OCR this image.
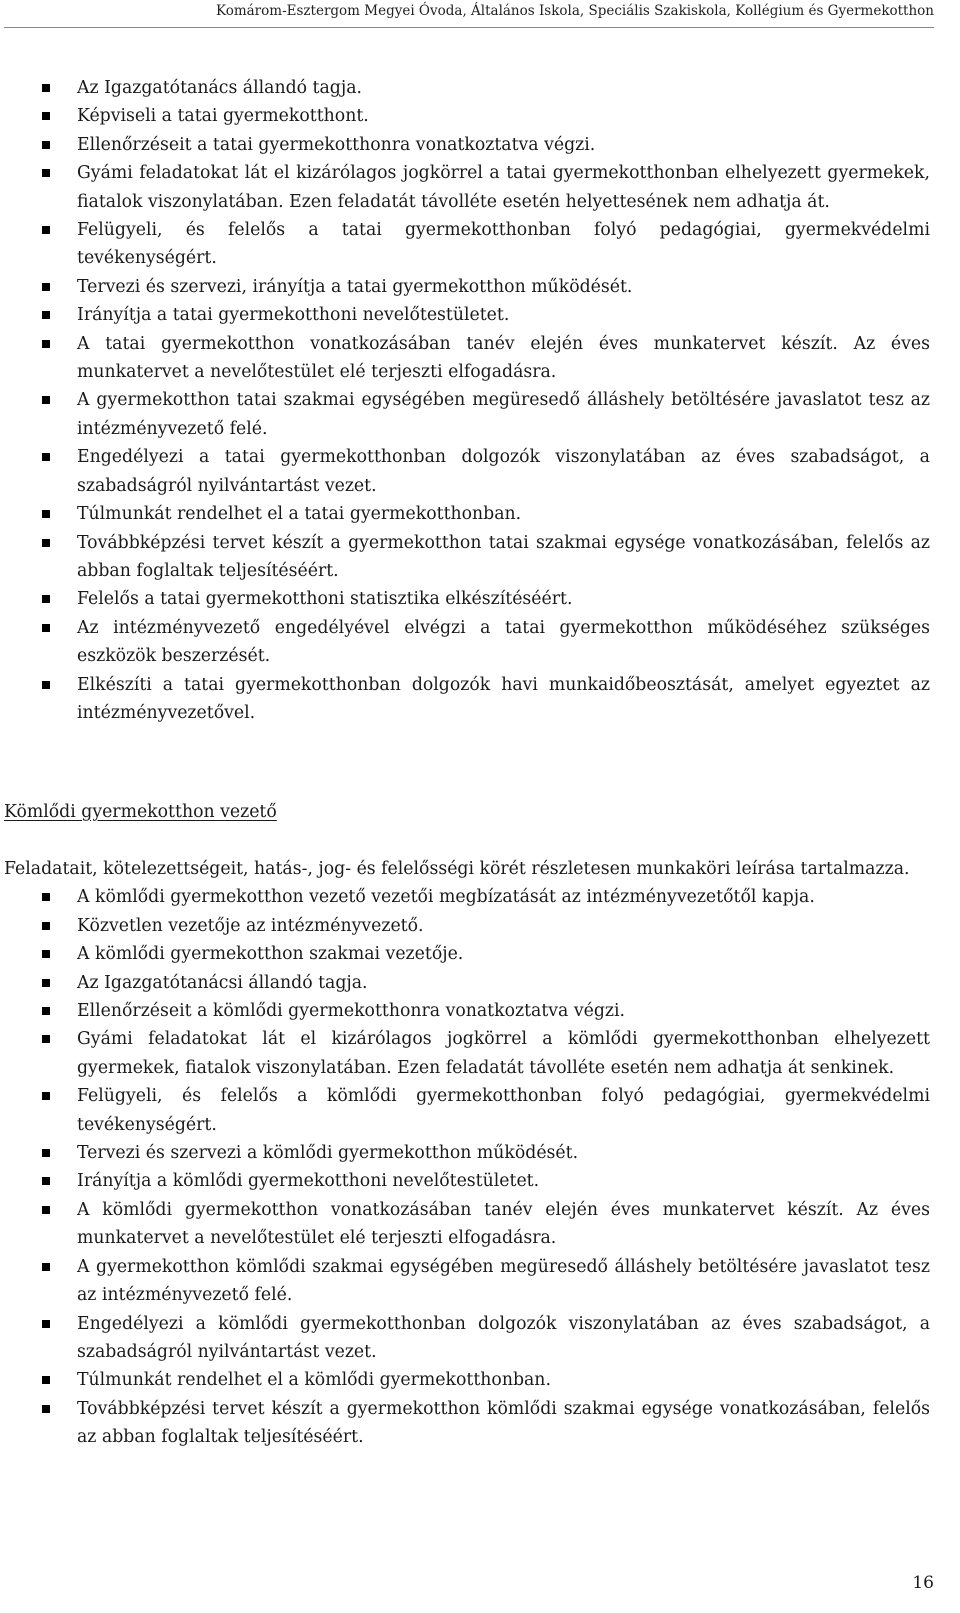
Komárom-Esztergom Megyei Óvoda, Általános Iskola, Speciális Szakiskola, Kollégium és Gyermekotthon
Az Igazgatótanács állandó tagja.
Képviseli a tatai gyermekotthont.
Ellenőrzéseit a tatai gyermekotthonra vonatkoztatva végzi.
Gyámi feladatokat lát el kizárólagos jogkörrel a tatai gyermekotthonban elhelyezett gyermekek, fiatalok viszonylatában. Ezen feladatát távolléte esetén helyettesének nem adhatja át.
Felügyeli, és felelős a tatai gyermekotthonban folyó pedagógiai, gyermekvédelmi tevékenységért.
Tervezi és szervezi, irányítja a tatai gyermekotthon működését.
Irányítja a tatai gyermekotthoni nevelőtestületet.
A tatai gyermekotthon vonatkozásában tanév elején éves munkatervet készít. Az éves munkatervet a nevelőtestület elé terjeszti elfogadásra.
A gyermekotthon tatai szakmai egységében megüresedő álláshely betöltésére javaslatot tesz az intézményvezető felé.
Engedélyezi a tatai gyermekotthonban dolgozók viszonylatában az éves szabadságot, a szabadságról nyilvántartást vezet.
Túlmunkát rendelhet el a tatai gyermekotthonban.
Továbbképzési tervet készít a gyermekotthon tatai szakmai egysége vonatkozásában, felelős az abban foglaltak teljesítéséért.
Felelős a tatai gyermekotthoni statisztika elkészítéséért.
Az intézményvezető engedélyével elvégzi a tatai gyermekotthon működéséhez szükséges eszközök beszerzését.
Elkészíti a tatai gyermekotthonban dolgozók havi munkaidőbeosztását, amelyet egyeztet az intézményvezetővel.
Kömlődi gyermekotthon vezető

Feladatait, kötelezettségeit, hatás-, jog- és felelősségi körét részletesen munkaköri leírása tartalmazza.

A kömlődi gyermekotthon vezető vezetői megbízatását az intézményvezetőtől kapja.
Közvetlen vezetője az intézményvezető.
A kömlődi gyermekotthon szakmai vezetője.
Az Igazgatótanácsi állandó tagja.
Ellenőrzéseit a kömlődi gyermekotthonra vonatkoztatva végzi.
Gyámi feladatokat lát el kizárólagos jogkörrel a kömlődi gyermekotthonban elhelyezett gyermekek, fiatalok viszonylatában. Ezen feladatát távolléte esetén nem adhatja át senkinek.
Felügyeli, és felelős a kömlődi gyermekotthonban folyó pedagógiai, gyermekvédelmi tevékenységért.
Tervezi és szervezi a kömlődi gyermekotthon működését.
Irányítja a kömlődi gyermekotthoni nevelőtestületet.
A kömlődi gyermekotthon vonatkozásában tanév elején éves munkatervet készít. Az éves munkatervet a nevelőtestület elé terjeszti elfogadásra.
A gyermekotthon kömlődi szakmai egységében megüresedő álláshely betöltésére javaslatot tesz az intézményvezető felé.
Engedélyezi a kömlődi gyermekotthonban dolgozók viszonylatában az éves szabadságot, a szabadságról nyilvántartást vezet.
Túlmunkát rendelhet el a kömlődi gyermekotthonban.
Továbbképzési tervet készít a gyermekotthon kömlődi szakmai egysége vonatkozásában, felelős az abban foglaltak teljesítéséért.
16
